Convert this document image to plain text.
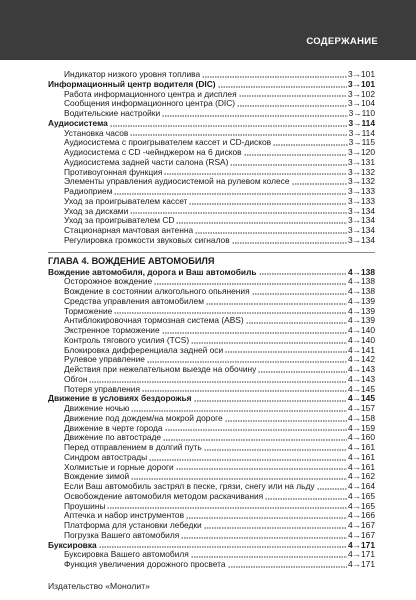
СОДЕРЖАНИЕ
Индикатор низкого уровня топлива	3→101
Информационный центр водителя (DIC)	3→101
Работа информационного центра и дисплея	3→102
Сообщения информационного центра (DIC)	3→104
Водительские настройки	3→110
Аудиосистема	3→114
Установка часов	3→114
Аудиосистема с проигрывателем кассет и CD-дисков	3→115
Аудиосистема с CD -чейнджером на 6 дисков	3→120
Аудиосистема задней части салона (RSA)	3→131
Противоугонная функция	3→132
Элементы управления аудиосистемой на рулевом колесе	3→132
Радиоприем	3→133
Уход за проигрывателем кассет	3→133
Уход за дисками	3→134
Уход за проигрывателем CD	3→134
Стационарная мачтовая антенна	3→134
Регулировка громкости звуковых сигналов	3→134
ГЛАВА 4. ВОЖДЕНИЕ АВТОМОБИЛЯ
Вождение автомобиля, дорога и Ваш автомобиль	4→138
Осторожное вождение	4→138
Вождение в состоянии алкогольного опьянения	4→138
Средства управления автомобилем	4→139
Торможение	4→139
Антиблокировочная тормозная система (ABS)	4→139
Экстренное торможение	4→140
Контроль тягового усилия (TCS)	4→140
Блокировка дифференциала задней оси	4→141
Рулевое управление	4→142
Действия при нежелательном выезде на обочину	4→143
Обгон	4→143
Потеря управления	4→145
Движение в условиях бездорожья	4→145
Движение ночью	4→157
Движение под дождем/на мокрой дороге	4→158
Движение в черте города	4→159
Движение по автостраде	4→160
Перед отправлением в долгий путь	4→161
Синдром автострады	4→161
Холмистые и горные дороги	4→161
Вождение зимой	4→162
Если Ваш автомобиль застрял в песке, грязи, снегу или на льду	4→164
Освобождение автомобиля методом раскачивания	4→165
Проушины	4→165
Аптечка и набор инструментов	4→166
Платформа для установки лебедки	4→167
Погрузка Вашего автомобиля	4→167
Буксировка	4→171
Буксировка Вашего автомобиля	4→171
Функция увеличения дорожного просвета	4→171
Издательство «Монолит»
